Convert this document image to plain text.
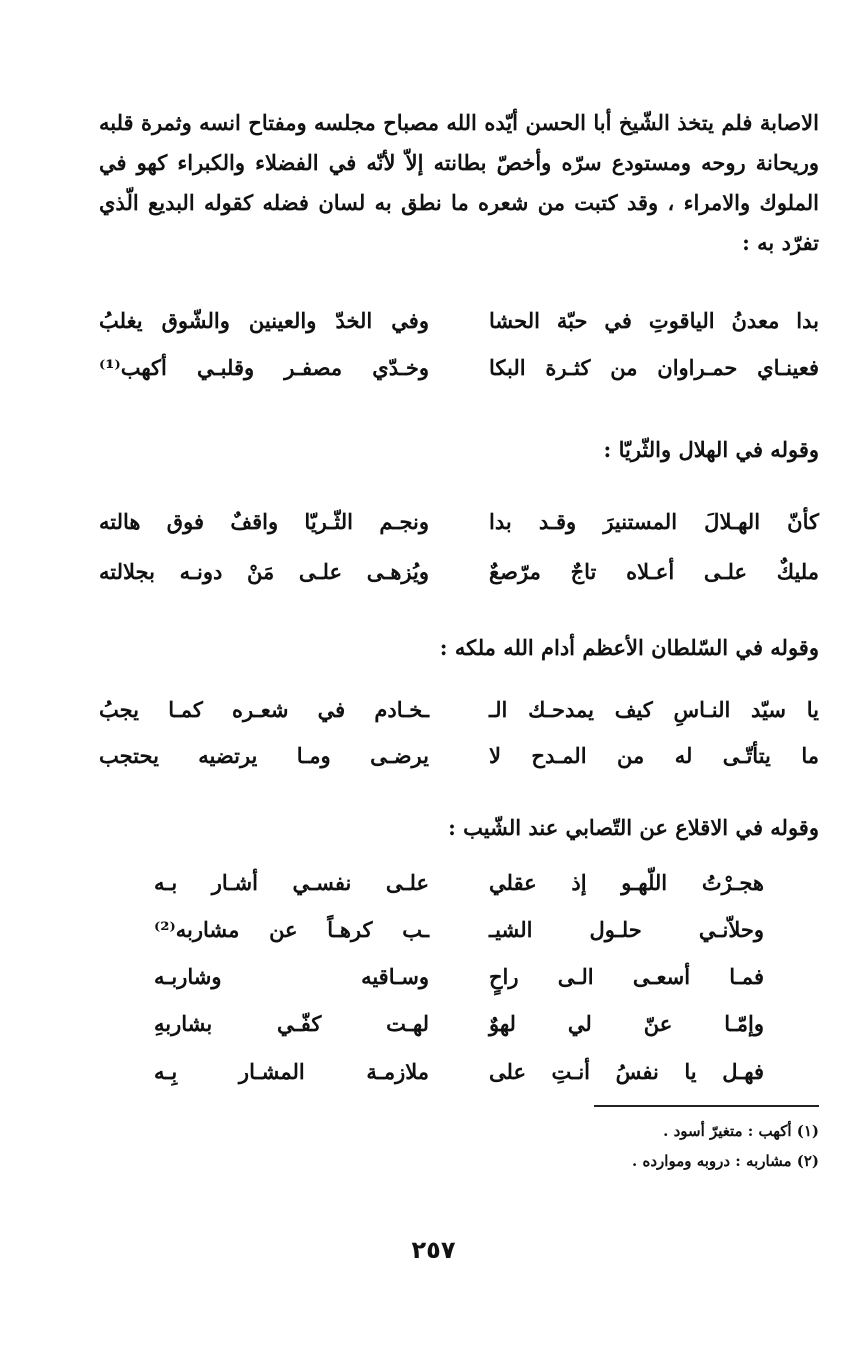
الاصابة فلم يتخذ الشّيخ أبا الحسن أيّده الله مصباح مجلسه ومفتاح انسه وثمرة قلبه وريحانة روحه ومستودع سرّه وأخصّ بطانته إلاّ لأنّه في الفضلاء والكبراء كهو في الملوك والامراء ، وقد كتبت من شعره ما نطق به لسان فضله كقوله البديع الّذي تفرّد به :

بدا معدنُ الياقوتِ في حبّة الحشا
وفي الخدّ والعينين والشّوق يغلبُ
فعينـاي حمـراوان من كثـرة البكا
وخـدّي مصفـر وقلبـي أكهب⁽¹⁾

وقوله في الهلال والثّريّا :

كأنّ الهـلالَ المستنيرَ وقـد بدا
ونجـم الثّـريّا واقفٌ فوق هالته
مليكٌ علـى أعـلاه تاجٌ مرّصعٌ
ويُزهـى علـى مَنْ دونـه بجلالته

وقوله في السّلطان الأعظم أدام الله ملكه :

يا سيّد النـاسِ كيف يمدحـك الـ
ـخـادم في شعـره كمـا يجبُ
ما يتأتّـى له من المـدح لا
يرضـى ومـا يرتضيه يحتجب

وقوله في الاقلاع عن التّصابي عند الشّيب :

هجـرْتُ اللّهـو إذ عقلي
علـى نفسـي أشـار بـه
وحلاّنـي حلـول الشيـ
ـب كرهـاً عن مشاربه⁽²⁾
فمـا أسعـى الـى راحٍ
وسـاقيه وشاربـه
وإمّـا عنّ لي لهوٌ
لهـت كفّـي بشاربهِ
فهـل يا نفسُ أنـتِ على
ملازمـة المشـار بِـه
(١) أكهب : متغيرّ أسود .
(٢) مشاربه : دروبه وموارده .
٢٥٧
